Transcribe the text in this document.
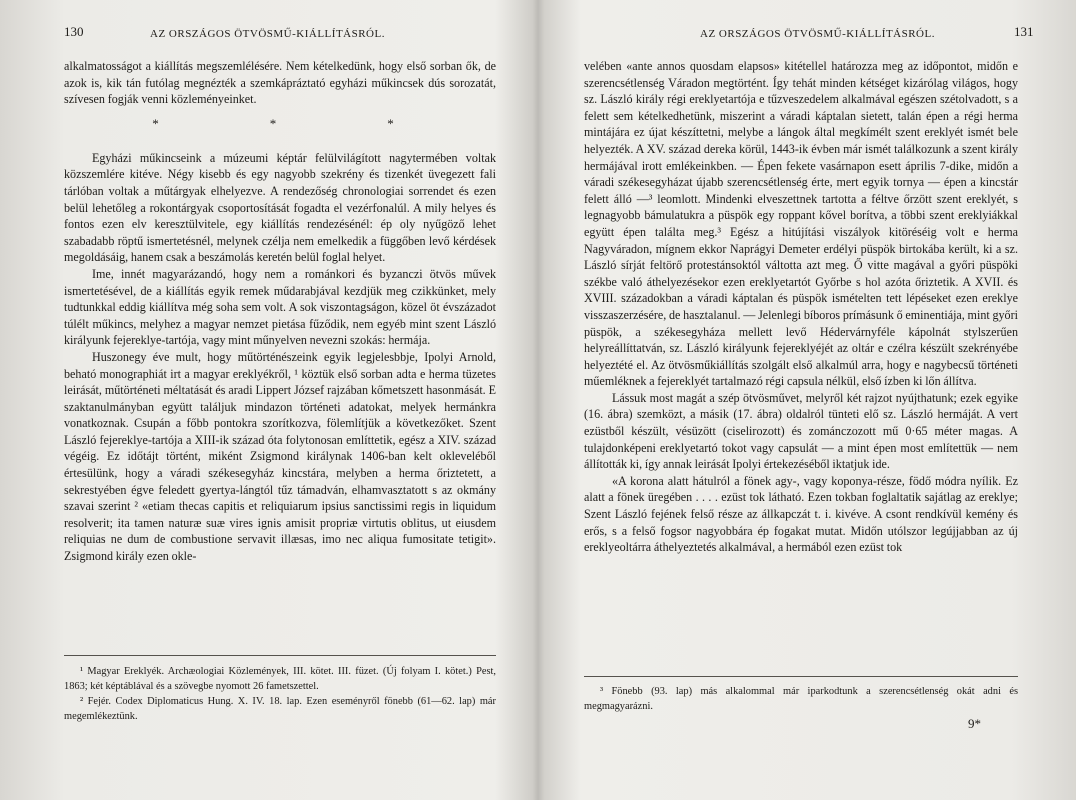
130	AZ ORSZÁGOS ÖTVÖSMŰ-KIÁLLÍTÁSRÓL.

alkalmatosságot a kiállítás megszemlélésére. Nem kételkedünk, hogy első sorban ők, de azok is, kik tán futólag megnézték a szemkápráztató egyházi műkincsek dús sorozatát, szívesen fogják venni közleményeinket.

* * *

Egyházi műkincseink a múzeumi képtár felülvilágított nagytermében voltak közszemlére kitéve. Négy kisebb és egy nagyobb szekrény és tizenkét üvegezett fali tárlóban voltak a műtárgyak elhelyezve. A rendezőség chronologiai sorrendet és ezen belül lehetőleg a rokontárgyak csoportosítását fogadta el vezérfonalúl. A mily helyes és fontos ezen elv keresztülvitele, egy kiállítás rendezésénél: ép oly nyűgöző lehet szabadabb röptű ismertetésnél, melynek czélja nem emelkedik a függőben levő kérdések megoldásáig, hanem csak a beszámolás keretén belül foglal helyet.

Ime, innét magyarázandó, hogy nem a románkori és byzanczi ötvös művek ismertetésével, de a kiállítás egyik remek műdarabjával kezdjük meg czikkünket, mely tudtunkkal eddig kiállítva még soha sem volt. A sok viszontagságon, közel öt évszázadot túlélt műkincs, melyhez a magyar nemzet pietása fűződik, nem egyéb mint szent László királyunk fejereklye-tartója, vagy mint műnyelven nevezni szokás: hermája.

Huszonegy éve mult, hogy műtörténészeink egyik legjelesbbje, Ipolyi Arnold, beható monographiát irt a magyar ereklyékről, ¹ köztük első sorban adta e herma tüzetes leirását, műtörténeti méltatását és aradi Lippert József rajzában kőmetszett hasonmását. E szaktanulmányban együtt találjuk mindazon történeti adatokat, melyek hermánkra vonatkoznak. Csupán a főbb pontokra szorítkozva, fölemlítjük a következőket. Szent László fejereklye-tartója a XIII-ik század óta folytonosan említtetik, egész a XIV. század végéig. Ez időtájt történt, miként Zsigmond királynak 1406-ban kelt okleveléből értesülünk, hogy a váradi székesegyház kincstára, melyben a herma őriztetett, a sekrestyében égve feledett gyertya-lángtól tűz támadván, elhamvasztatott s az okmány szavai szerint ² «etiam thecas capitis et reliquiarum ipsius sanctissimi regis in liquidum resolverit; ita tamen naturæ suæ vires ignis amisit propriæ virtutis oblitus, ut eiusdem reliquias ne dum de combustione servavit illæsas, imo nec aliqua fumositate tetigit». Zsigmond király ezen okle-

¹ Magyar Ereklyék. Archæologiai Közlemények, III. kötet. III. füzet. (Új folyam I. kötet.) Pest, 1863; két képtáblával és a szövegbe nyomott 26 fametszettel.

² Fejér. Codex Diplomaticus Hung. X. IV. 18. lap. Ezen eseményről fönebb (61—62. lap) már megemlékeztünk.

AZ ORSZÁGOS ÖTVÖSMŰ-KIÁLLÍTÁSRÓL.	131

velében «ante annos quosdam elapsos» kitétellel határozza meg az időpontot, midőn e szerencsétlenség Váradon megtörtént. Így tehát minden kétséget kizárólag világos, hogy sz. László király régi ereklyetartója e tűzveszedelem alkalmával egészen szétolvadott, s a felett sem kételkedhetünk, miszerint a váradi káptalan sietett, talán épen a régi herma mintájára ez újat készíttetni, melybe a lángok által megkímélt szent ereklyét ismét bele helyezték. A XV. század dereka körül, 1443-ik évben már ismét találkozunk a szent király hermájával irott emlékeinkben. — Épen fekete vasárnapon esett április 7-dike, midőn a váradi székesegyházat újabb szerencsétlenség érte, mert egyik tornya — épen a kincstár felett álló —³ leomlott. Mindenki elveszettnek tartotta a féltve őrzött szent ereklyét, s legnagyobb bámulatukra a püspök egy roppant kővel borítva, a többi szent ereklyiákkal együtt épen találta meg.³ Egész a hitújítási viszályok kitöréséig volt e herma Nagyváradon, mígnem ekkor Naprágyi Demeter erdélyi püspök birtokába került, ki a sz. László sírját feltörő protestánsoktól váltotta azt meg. Ő vitte magával a győri püspöki székbe való áthelyezésekor ezen ereklyetartót Győrbe s hol azóta őriztetik. A XVII. és XVIII. századokban a váradi káptalan és püspök ismételten tett lépéseket ezen ereklye visszaszerzésére, de hasztalanul. — Jelenlegi bíboros prímásunk ő eminentiája, mint győri püspök, a székesegyháza mellett levő Hédervárnyféle kápolnát stylszerűen helyreállíttatván, sz. László királyunk fejereklyéjét az oltár e czélra készült szekrényébe helyeztété el. Az ötvösműkiállítás szolgált első alkalmúl arra, hogy e nagybecsű történeti műemléknek a fejereklyét tartalmazó régi capsula nélkül, első ízben ki lőn állítva.

Lássuk most magát a szép ötvösművet, melyről két rajzot nyújthatunk; ezek egyike (16. ábra) szemközt, a másik (17. ábra) oldalról tünteti elő sz. László hermáját. A vert ezüstből készült, vésüzött (ciselirozott) és zománczozott mű 0·65 méter magas. A tulajdonképeni ereklyetartó tokot vagy capsulát — a mint épen most említettük — nem állították ki, így annak leirását Ipolyi értekezéséből iktatjuk ide.

«A korona alatt hátulról a fönek agy-, vagy koponya-része, födő módra nyílik. Ez alatt a fönek üregében . . . . ezüst tok látható. Ezen tokban foglaltatik sajátlag az ereklye; Szent László fejének felső része az állkapczát t. i. kivéve. A csont rendkívül kemény és erős, s a felső fogsor nagyobbára ép fogakat mutat. Midőn utólszor legújjabban az új ereklyeoltárra áthelyeztetés alkalmával, a hermából ezen ezüst tok

³ Fönebb (93. lap) más alkalommal már iparkodtunk a szerencsétlenség okát adni és megmagyarázni.

9*
